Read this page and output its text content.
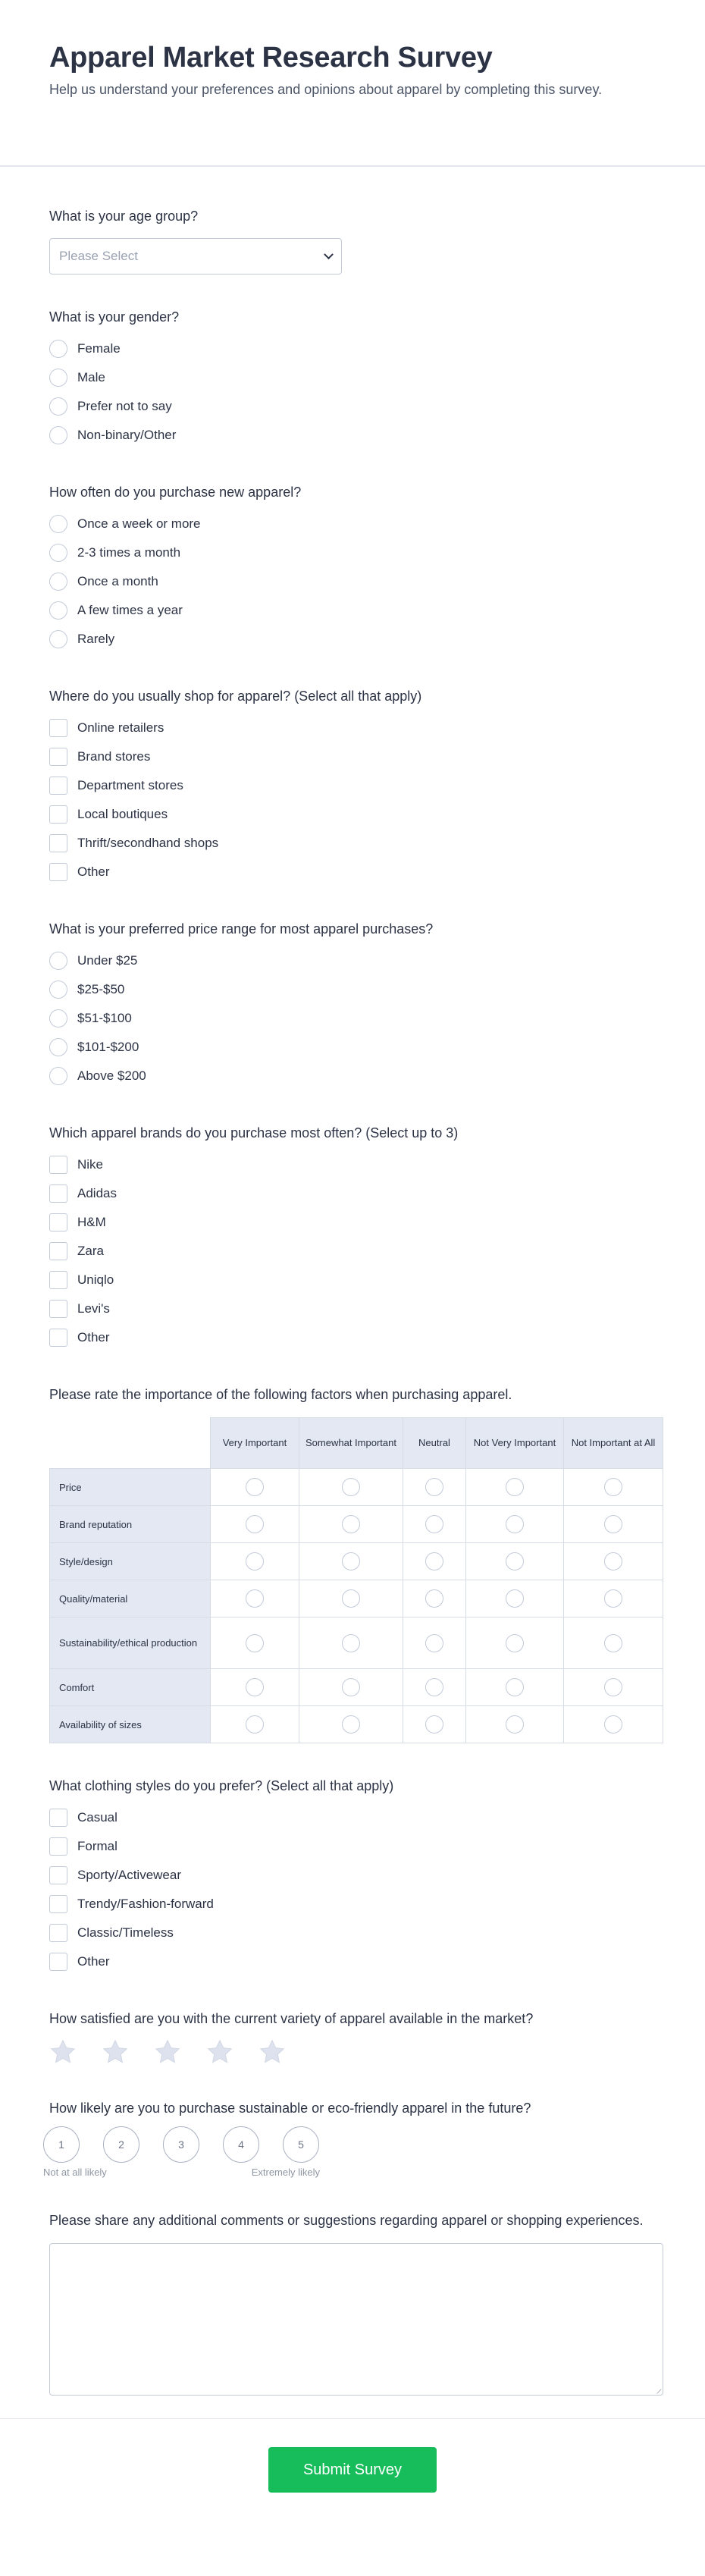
Apparel Market Research Survey

Help us understand your preferences and opinions about apparel by completing this survey.

What is your age group?
Please Select
What is your gender?
Female
Male
Prefer not to say
Non-binary/Other
How often do you purchase new apparel?
Once a week or more
2-3 times a month
Once a month
A few times a year
Rarely
Where do you usually shop for apparel? (Select all that apply)
Online retailers
Brand stores
Department stores
Local boutiques
Thrift/secondhand shops
Other
What is your preferred price range for most apparel purchases?
Under $25
$25-$50
$51-$100
$101-$200
Above $200
Which apparel brands do you purchase most often? (Select up to 3)
Nike
Adidas
H&M
Zara
Uniqlo
Levi's
Other
Please rate the importance of the following factors when purchasing apparel.
	Very Important	Somewhat Important	Neutral	Not Very Important	Not Important at All
Price					
Brand reputation					
Style/design					
Quality/material					
Sustainability/ethical production					
Comfort					
Availability of sizes					
What clothing styles do you prefer? (Select all that apply)
Casual
Formal
Sporty/Activewear
Trendy/Fashion-forward
Classic/Timeless
Other
How satisfied are you with the current variety of apparel available in the market?
How likely are you to purchase sustainable or eco-friendly apparel in the future?
1	2	3	4	5
Not at all likely	Extremely likely
Please share any additional comments or suggestions regarding apparel or shopping experiences.
Submit Survey
